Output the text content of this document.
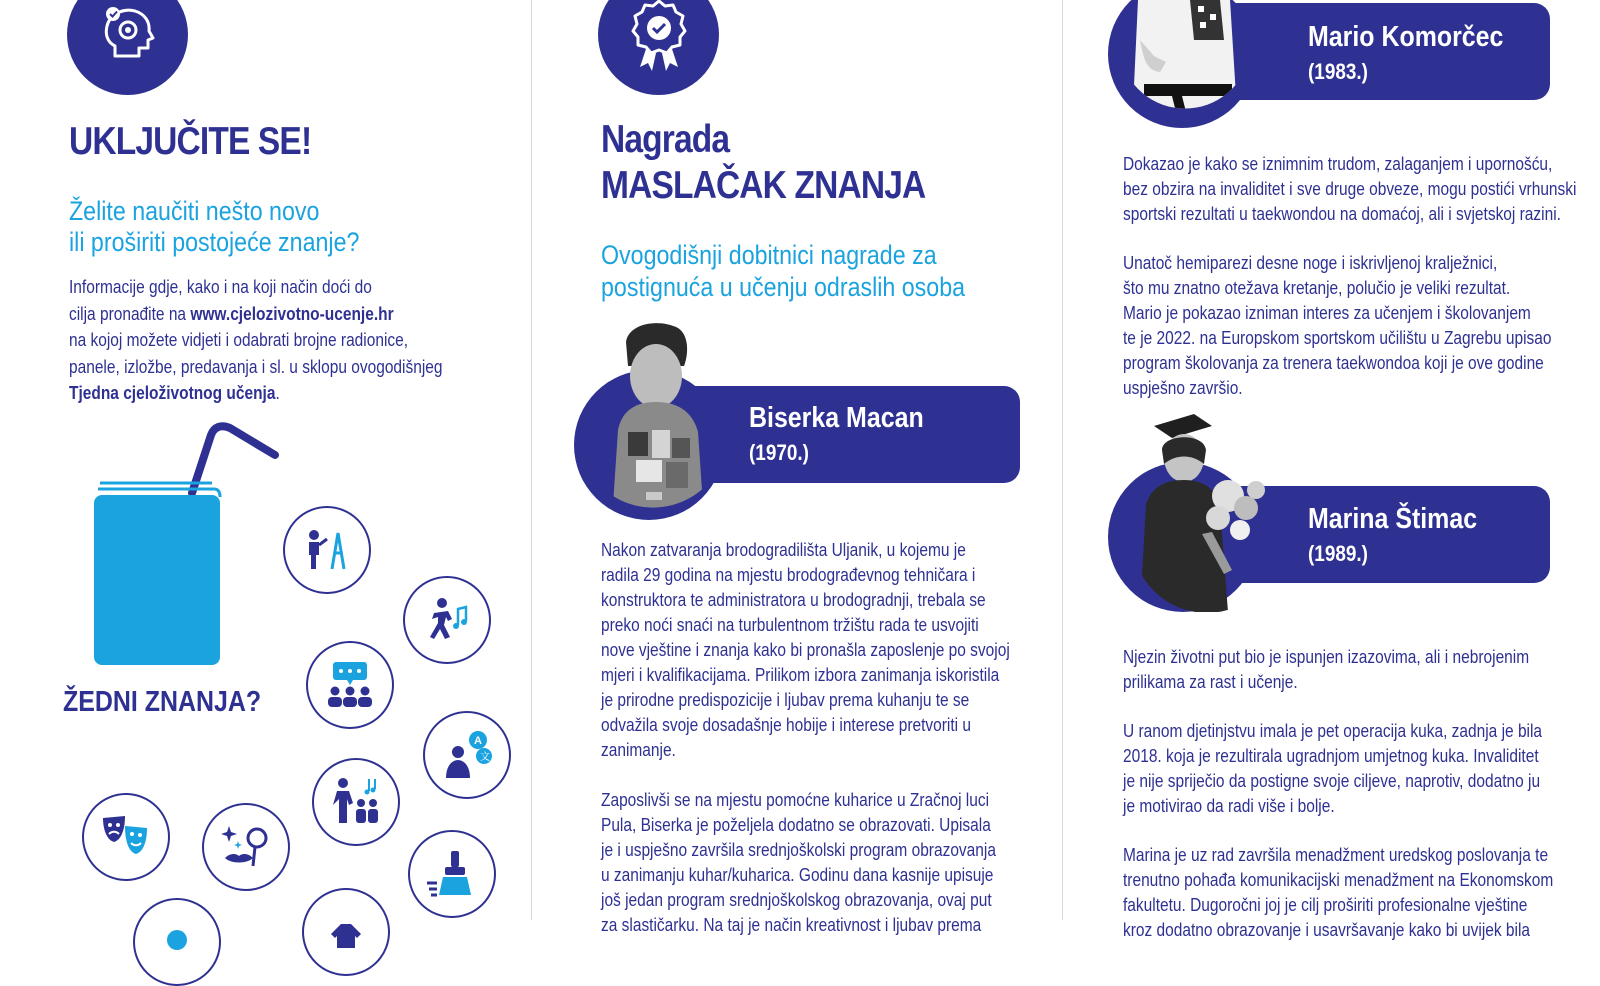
UKLJUČITE SE!
Želite naučiti nešto novo
ili proširiti postojeće znanje?
Informacije gdje, kako i na koji način doći do
cilja pronađite na www.cjelozivotno-ucenje.hr
na kojoj možete vidjeti i odabrati brojne radionice,
panele, izložbe, predavanja i sl. u sklopu ovogodišnjeg
Tjedna cjeloživotnog učenja.
ŽEDNI ZNANJA?
A
文
Nagrada
MASLAČAK ZNANJA
Ovogodišnji dobitnici nagrade za
postignuća u učenju odraslih osoba
Biserka Macan
(1970.)
Nakon zatvaranja brodogradilišta Uljanik, u kojemu je
radila 29 godina na mjestu brodograđevnog tehničara i
konstruktora te administratora u brodogradnji, trebala se
preko noći snaći na turbulentnom tržištu rada te usvojiti
nove vještine i znanja kako bi pronašla zaposlenje po svojoj
mjeri i kvalifikacijama. Prilikom izbora zanimanja iskoristila
je prirodne predispozicije i ljubav prema kuhanju te se
odvažila svoje dosadašnje hobije i interese pretvoriti u
zanimanje.
Zaposlivši se na mjestu pomoćne kuharice u Zračnoj luci
Pula, Biserka je poželjela dodatno se obrazovati. Upisala
je i uspješno završila srednjoškolski program obrazovanja
u zanimanju kuhar/kuharica. Godinu dana kasnije upisuje
još jedan program srednjoškolskog obrazovanja, ovaj put
za slastičarku. Na taj je način kreativnost i ljubav prema
Mario Komorčec
(1983.)
Dokazao je kako se iznimnim trudom, zalaganjem i upornošću,
bez obzira na invaliditet i sve druge obveze, mogu postići vrhunski
sportski rezultati u taekwondou na domaćoj, ali i svjetskoj razini.
Unatoč hemiparezi desne noge i iskrivljenoj kralježnici,
što mu znatno otežava kretanje, polučio je veliki rezultat.
Mario je pokazao izniman interes za učenjem i školovanjem
te je 2022. na Europskom sportskom učilištu u Zagrebu upisao
program školovanja za trenera taekwondoa koji je ove godine
uspješno završio.
Marina Štimac
(1989.)
Njezin životni put bio je ispunjen izazovima, ali i nebrojenim
prilikama za rast i učenje.
U ranom djetinjstvu imala je pet operacija kuka, zadnja je bila
2018. koja je rezultirala ugradnjom umjetnog kuka. Invaliditet
je nije spriječio da postigne svoje ciljeve, naprotiv, dodatno ju
je motivirao da radi više i bolje.
Marina je uz rad završila menadžment uredskog poslovanja te
trenutno pohađa komunikacijski menadžment na Ekonomskom
fakultetu. Dugoročni joj je cilj proširiti profesionalne vještine
kroz dodatno obrazovanje i usavršavanje kako bi uvijek bila
